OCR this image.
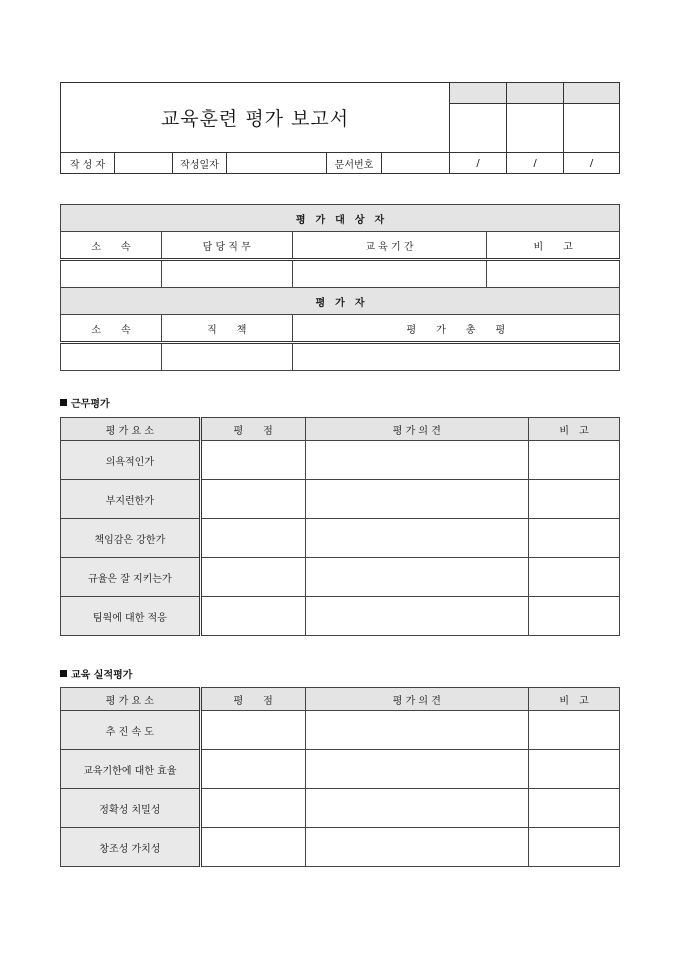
교육훈련 평가 보고서
작 성 자	작성일자	문서번호	/	/	/
평　가　대　상　자			
소　　속	담 당 직 무	교 육 기 간	비　　고

평　가　자			
소　　속	직　　책	평　　가　　총　　평	

근무평가
평 가 요 소	평　　점	평 가 의 견	비　고
의욕적인가			
부지런한가			
책임감은 강한가			
규율은 잘 지키는가			
팀웍에 대한 적응			
교육 실적평가
평 가 요 소	평　　점	평 가 의 견	비　고
추 진 속 도			
교육기한에 대한 효율			
정확성 치밀성			
창조성 가치성			
